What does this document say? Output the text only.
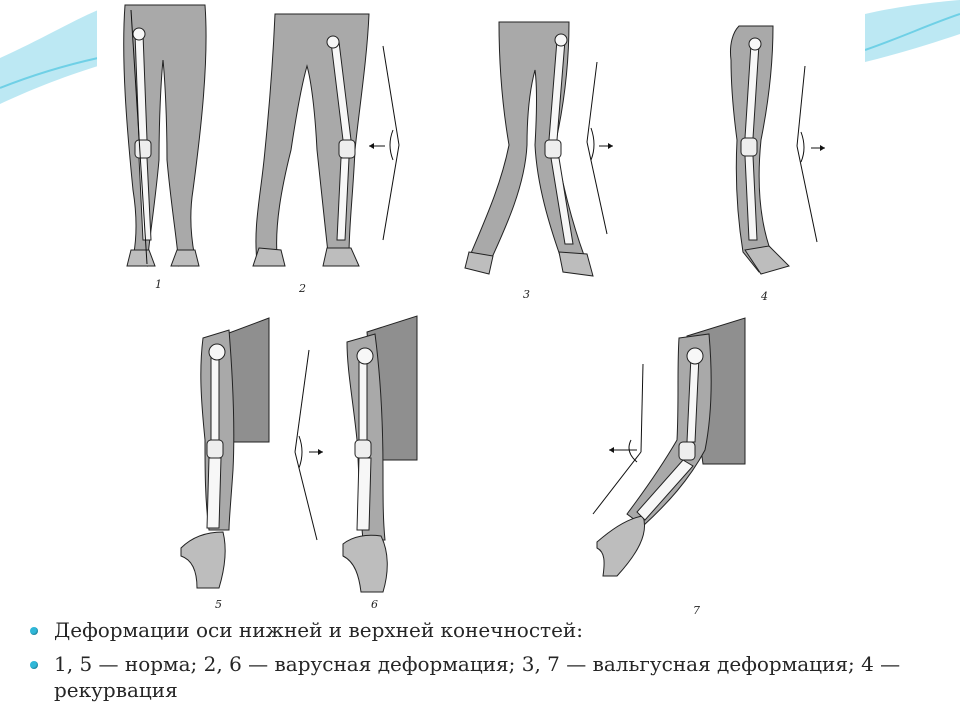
1	2	3	4
5	6	7
Деформации оси нижней и верхней конечностей:
1, 5 — норма; 2, 6 — варусная деформация; 3, 7 — вальгусная деформация; 4 — рекурвация
